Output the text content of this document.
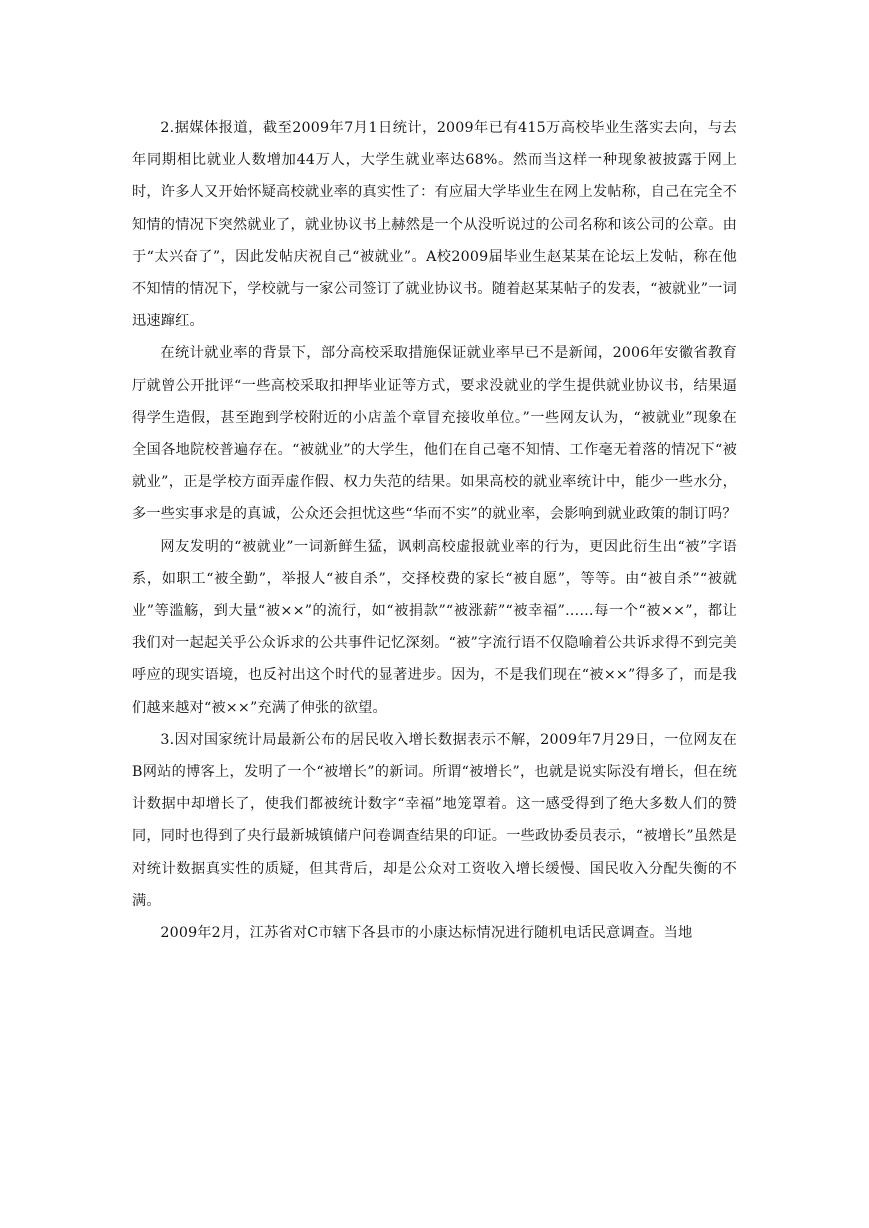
2.据媒体报道，截至2009年7月1日统计，2009年已有415万高校毕业生落实去向，与去年同期相比就业人数增加44万人，大学生就业率达68%。然而当这样一种现象被披露于网上时，许多人又开始怀疑高校就业率的真实性了：有应届大学毕业生在网上发帖称，自己在完全不知情的情况下突然就业了，就业协议书上赫然是一个从没听说过的公司名称和该公司的公章。由于“太兴奋了”，因此发帖庆祝自己“被就业”。A校2009届毕业生赵某某在论坛上发帖，称在他不知情的情况下，学校就与一家公司签订了就业协议书。随着赵某某帖子的发表，“被就业”一词迅速蹿红。

在统计就业率的背景下，部分高校采取措施保证就业率早已不是新闻，2006年安徽省教育厅就曾公开批评“一些高校采取扣押毕业证等方式，要求没就业的学生提供就业协议书，结果逼得学生造假，甚至跑到学校附近的小店盖个章冒充接收单位。”一些网友认为，“被就业”现象在全国各地院校普遍存在。“被就业”的大学生，他们在自己毫不知情、工作毫无着落的情况下“被就业”，正是学校方面弄虚作假、权力失范的结果。如果高校的就业率统计中，能少一些水分，多一些实事求是的真诚，公众还会担忧这些“华而不实”的就业率，会影响到就业政策的制订吗？

网友发明的“被就业”一词新鲜生猛，讽刺高校虚报就业率的行为，更因此衍生出“被”字语系，如职工“被全勤”，举报人“被自杀”，交择校费的家长“被自愿”，等等。由“被自杀”“被就业”等滥觞，到大量“被××”的流行，如“被捐款”“被涨薪”“被幸福”……每一个“被××”，都让我们对一起起关乎公众诉求的公共事件记忆深刻。“被”字流行语不仅隐喻着公共诉求得不到完美呼应的现实语境，也反衬出这个时代的显著进步。因为，不是我们现在“被××”得多了，而是我们越来越对“被××”充满了伸张的欲望。

3.因对国家统计局最新公布的居民收入增长数据表示不解，2009年7月29日，一位网友在B网站的博客上，发明了一个“被增长”的新词。所谓“被增长”，也就是说实际没有增长，但在统计数据中却增长了，使我们都被统计数字“幸福”地笼罩着。这一感受得到了绝大多数人们的赞同，同时也得到了央行最新城镇储户问卷调查结果的印证。一些政协委员表示，“被增长”虽然是对统计数据真实性的质疑，但其背后，却是公众对工资收入增长缓慢、国民收入分配失衡的不满。

2009年2月，江苏省对C市辖下各县市的小康达标情况进行随机电话民意调查。当地
